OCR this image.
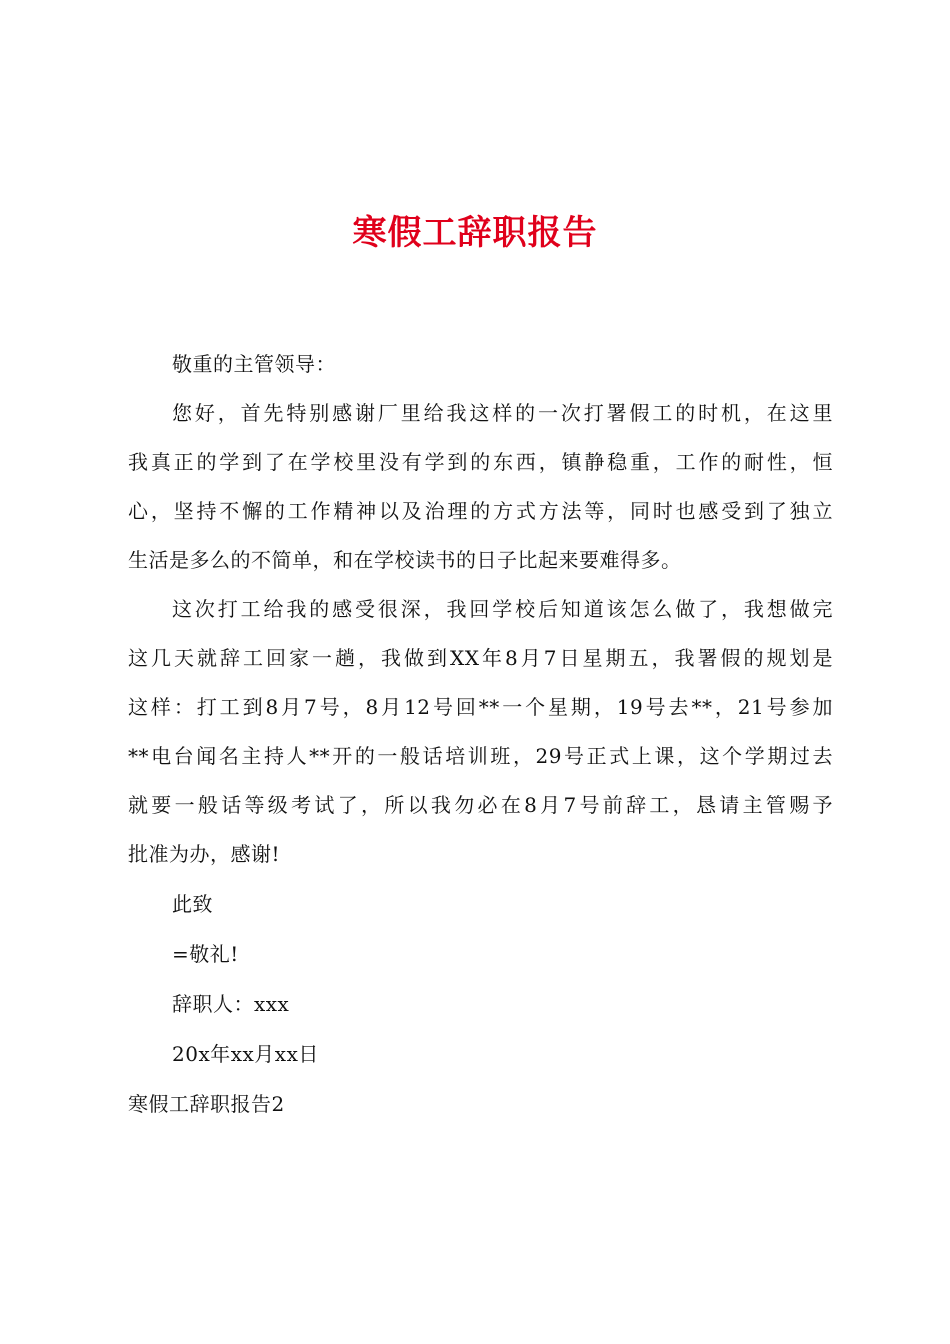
寒假工辞职报告
敬重的主管领导：
您好，首先特别感谢厂里给我这样的一次打署假工的时机，在这里
我真正的学到了在学校里没有学到的东西，镇静稳重，工作的耐性，恒
心，坚持不懈的工作精神以及治理的方式方法等，同时也感受到了独立
生活是多么的不简单，和在学校读书的日子比起来要难得多。
这次打工给我的感受很深，我回学校后知道该怎么做了，我想做完
这几天就辞工回家一趟，我做到XX年8月7日星期五，我署假的规划是
这样：打工到8月7号，8月12号回**一个星期，19号去**，21号参加
**电台闻名主持人**开的一般话培训班，29号正式上课，这个学期过去
就要一般话等级考试了，所以我勿必在8月7号前辞工，恳请主管赐予
批准为办，感谢!
此致
=敬礼!
辞职人：xxx
20x年xx月xx日
寒假工辞职报告2
